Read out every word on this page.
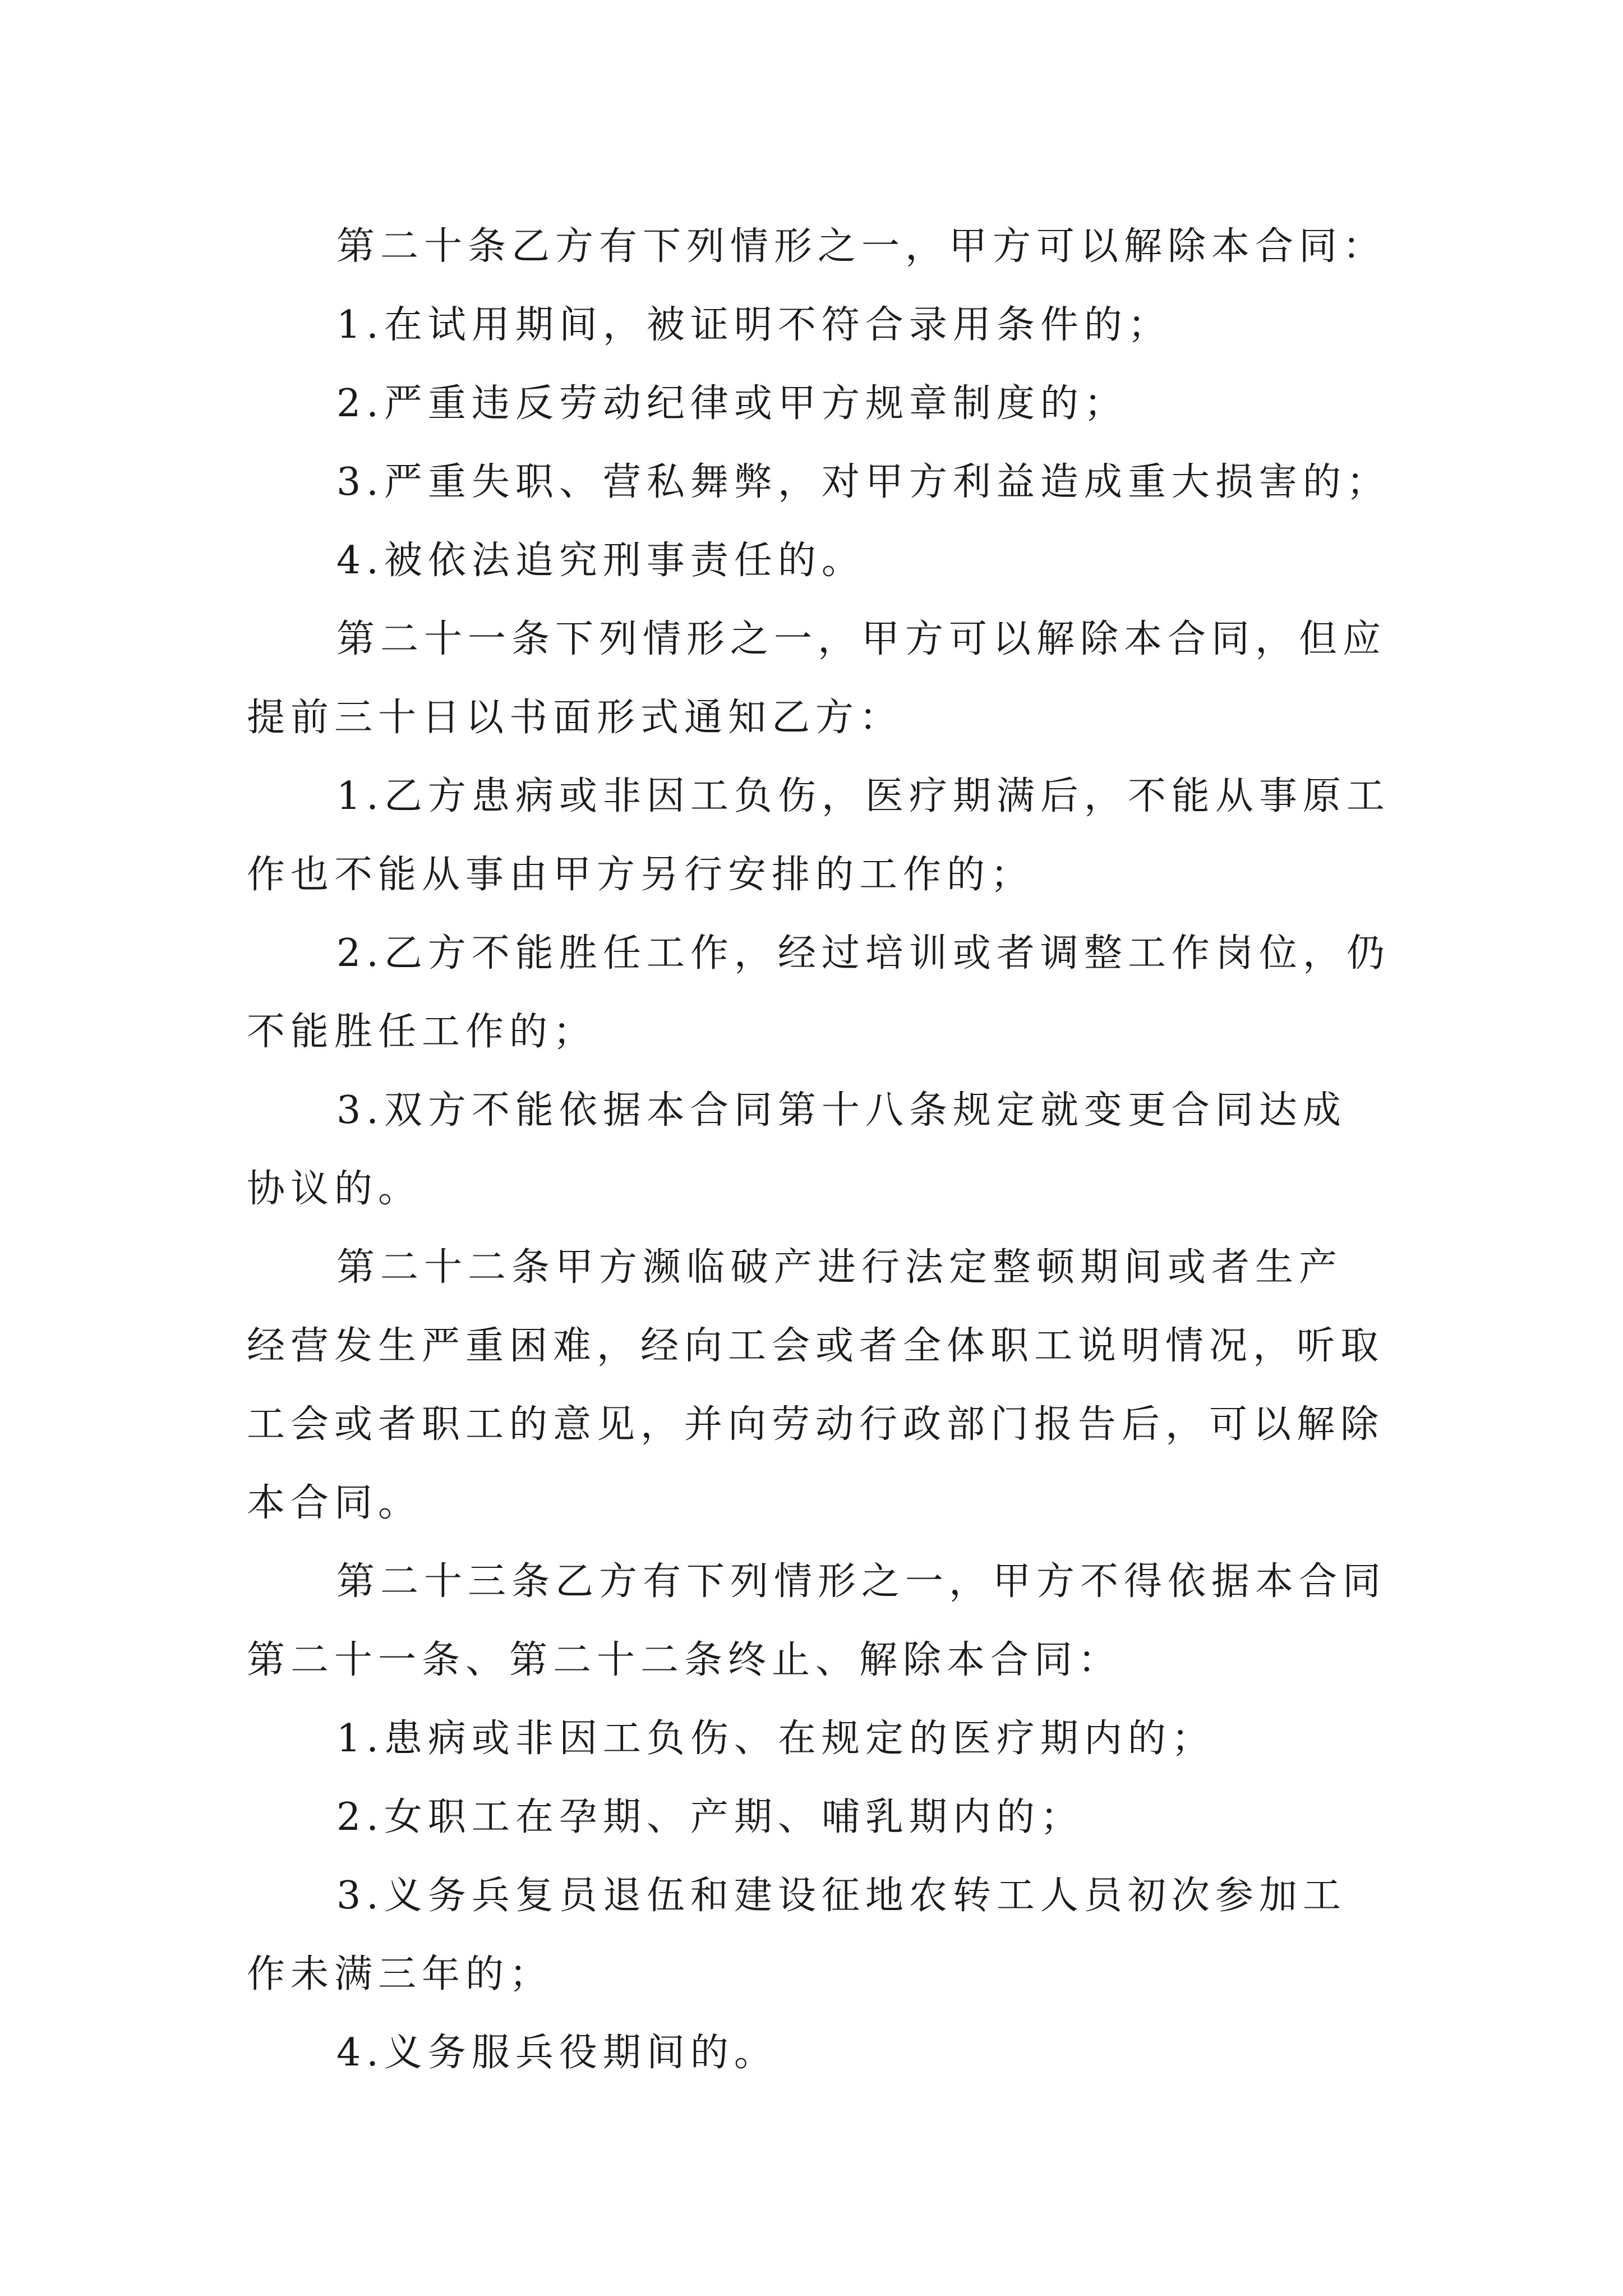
第二十条乙方有下列情形之一，甲方可以解除本合同：
1.在试用期间，被证明不符合录用条件的；
2.严重违反劳动纪律或甲方规章制度的；
3.严重失职、营私舞弊，对甲方利益造成重大损害的；
4.被依法追究刑事责任的。
第二十一条下列情形之一，甲方可以解除本合同，但应
提前三十日以书面形式通知乙方：
1.乙方患病或非因工负伤，医疗期满后，不能从事原工
作也不能从事由甲方另行安排的工作的；
2.乙方不能胜任工作，经过培训或者调整工作岗位，仍
不能胜任工作的；
3.双方不能依据本合同第十八条规定就变更合同达成
协议的。
第二十二条甲方濒临破产进行法定整顿期间或者生产
经营发生严重困难，经向工会或者全体职工说明情况，听取
工会或者职工的意见，并向劳动行政部门报告后，可以解除
本合同。
第二十三条乙方有下列情形之一，甲方不得依据本合同
第二十一条、第二十二条终止、解除本合同：
1.患病或非因工负伤、在规定的医疗期内的；
2.女职工在孕期、产期、哺乳期内的；
3.义务兵复员退伍和建设征地农转工人员初次参加工
作未满三年的；
4.义务服兵役期间的。
